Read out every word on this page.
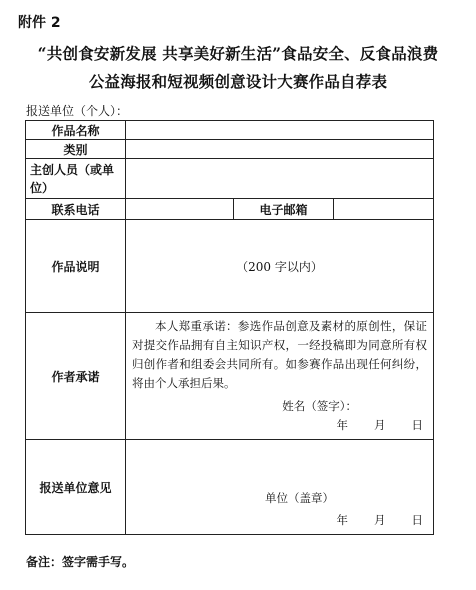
附件 2
“共创食安新发展 共享美好新生活”食品安全、反食品浪费
公益海报和短视频创意设计大赛作品自荐表
报送单位（个人）：
作品名称			
类别			
主创人员（或单位）			
联系电话		电子邮箱	
作品说明	（200 字以内）		
作者承诺	本人郑重承诺：参选作品创意及素材的原创性，保证对提交作品拥有自主知识产权，一经投稿即为同意所有权归创作者和组委会共同所有。如参赛作品出现任何纠纷，将由个人承担后果。

姓名（签字）：
年 月 日		

报送单位意见	单位（盖章）
年 月 日		
备注：签字需手写。
